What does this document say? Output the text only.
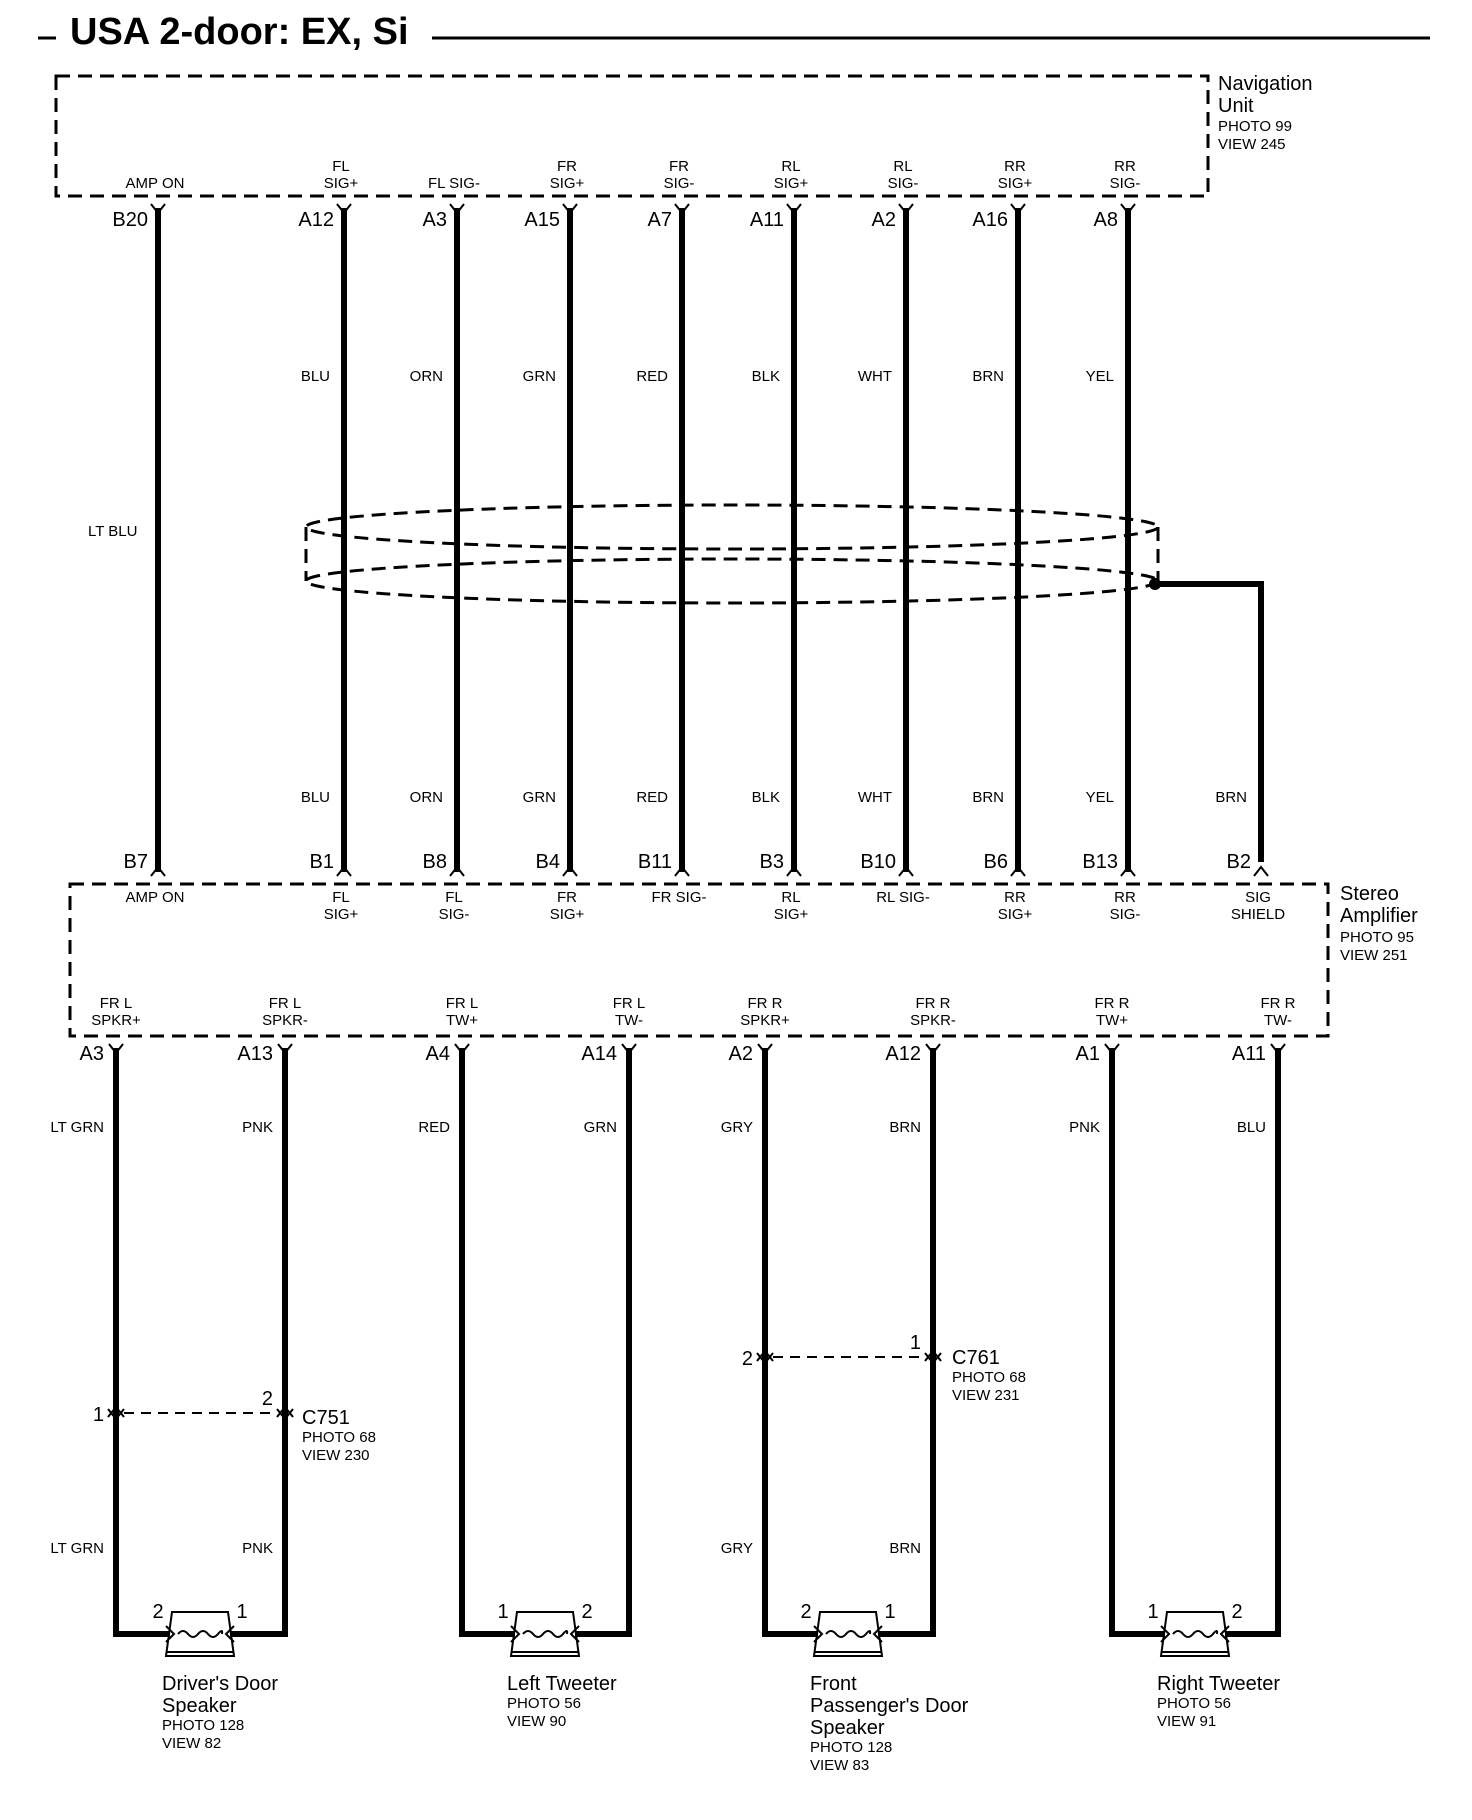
USA 2-door: EX, Si
Navigation
Unit
PHOTO 99
VIEW 245
AMP ON
B20
FL
SIG+
A12
FL SIG-
A3
FR
SIG+
A15
FR
SIG-
A7
RL
SIG+
A11
RL
SIG-
A2
RR
SIG+
A16
RR
SIG-
A8
BLU	ORN	GRN	RED	BLK	WHT	BRN	YEL
BLU	ORN	GRN	RED	BLK	WHT	BRN	YEL	BRN
LT BLU
Stereo
Amplifier
PHOTO 95
VIEW 251
AMP ON
B7
FL
SIG+
B1
FL
SIG-
B8
FR
SIG+
B4
FR SIG-
B11
RL
SIG+
B3
RL SIG-
B10
RR
SIG+
B6
RR
SIG-
B13
SIG
SHIELD
B2
FR L
SPKR+
A3
FR L
SPKR-
A13
FR L
TW+
A4
FR L
TW-
A14
FR R
SPKR+
A2
FR R
SPKR-
A12
FR R
TW+
A1
FR R
TW-
A11
LT GRN	PNK	RED	GRN	GRY	BRN	PNK	BLU
LT GRN	PNK	GRY	BRN
1
2
C751
PHOTO 68
VIEW 230
2
1
C761
PHOTO 68
VIEW 231
2	1
Driver's Door
Speaker
PHOTO 128
VIEW 82
1	2
Left Tweeter
PHOTO 56
VIEW 90
2	1
Front
Passenger's Door
Speaker
PHOTO 128
VIEW 83
1	2
Right Tweeter
PHOTO 56
VIEW 91
